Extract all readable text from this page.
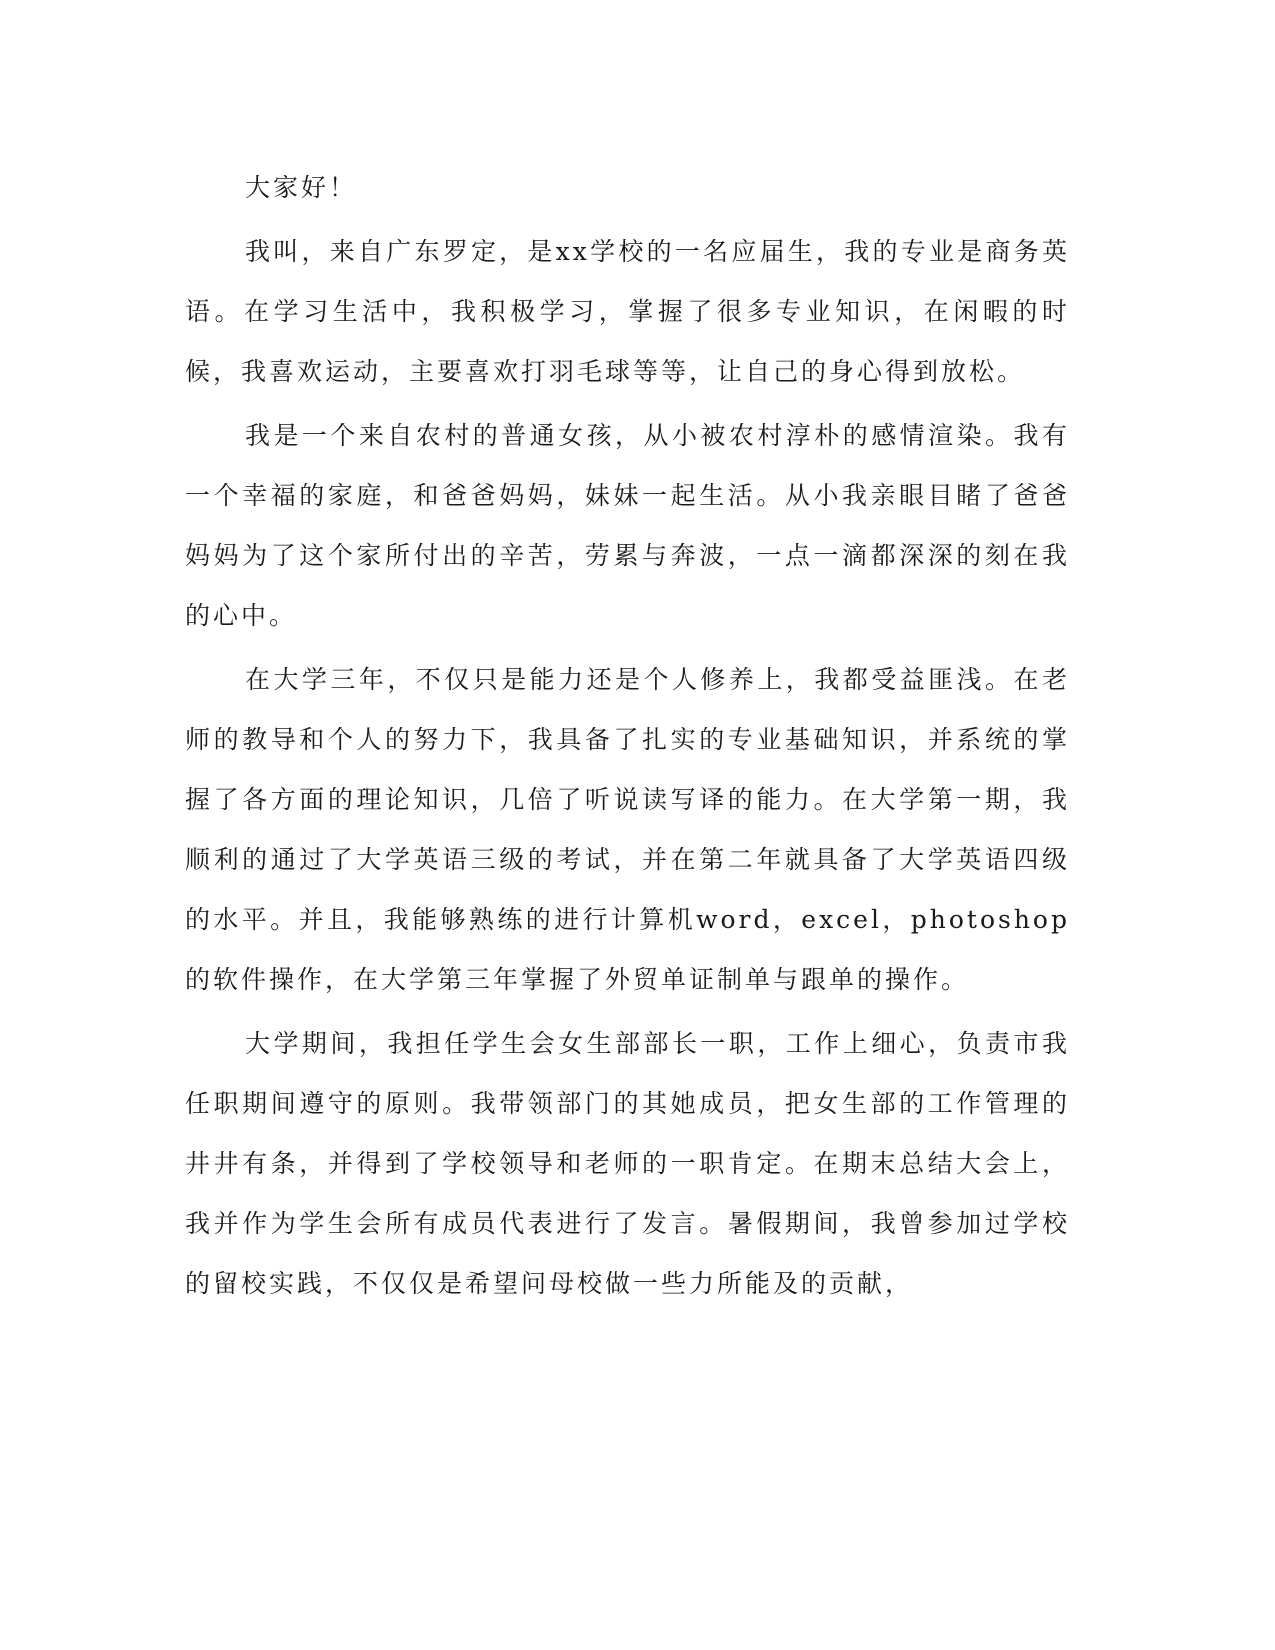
大家好！

我叫，来自广东罗定，是xx学校的一名应届生，我的专业是商务英语。在学习生活中，我积极学习，掌握了很多专业知识，在闲暇的时候，我喜欢运动，主要喜欢打羽毛球等等，让自己的身心得到放松。

我是一个来自农村的普通女孩，从小被农村淳朴的感情渲染。我有一个幸福的家庭，和爸爸妈妈，妹妹一起生活。从小我亲眼目睹了爸爸妈妈为了这个家所付出的辛苦，劳累与奔波，一点一滴都深深的刻在我的心中。

在大学三年，不仅只是能力还是个人修养上，我都受益匪浅。在老师的教导和个人的努力下，我具备了扎实的专业基础知识，并系统的掌握了各方面的理论知识，几倍了听说读写译的能力。在大学第一期，我顺利的通过了大学英语三级的考试，并在第二年就具备了大学英语四级的水平。并且，我能够熟练的进行计算机word，excel，photoshop的软件操作，在大学第三年掌握了外贸单证制单与跟单的操作。

大学期间，我担任学生会女生部部长一职，工作上细心，负责市我任职期间遵守的原则。我带领部门的其她成员，把女生部的工作管理的井井有条，并得到了学校领导和老师的一职肯定。在期末总结大会上，我并作为学生会所有成员代表进行了发言。暑假期间，我曾参加过学校的留校实践，不仅仅是希望问母校做一些力所能及的贡献，
